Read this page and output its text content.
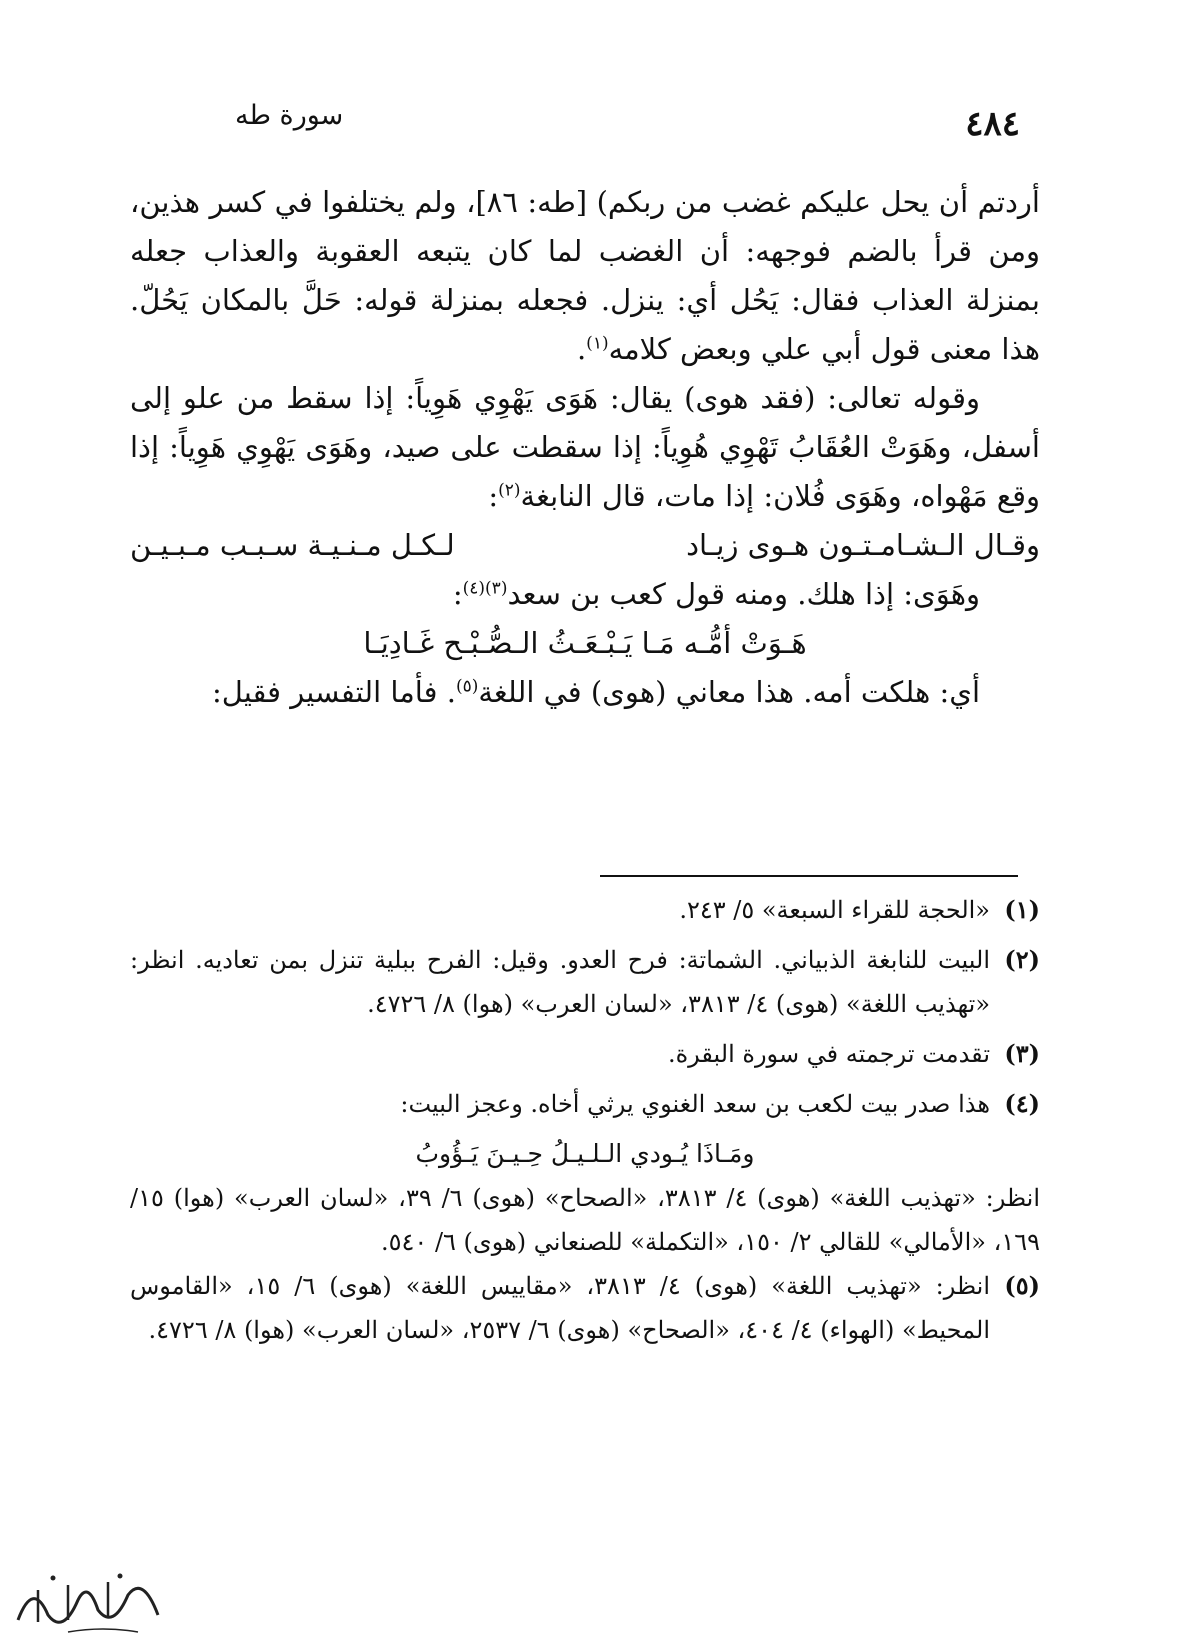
٤٨٤
سورة طه

أردتم أن يحل عليكم غضب من ربكم) [طه: ٨٦]، ولم يختلفوا في كسر هذين، ومن قرأ بالضم فوجهه: أن الغضب لما كان يتبعه العقوبة والعذاب جعله بمنزلة العذاب فقال: يَحُل أي: ينزل. فجعله بمنزلة قوله: حَلَّ بالمكان يَحُلّ. هذا معنى قول أبي علي وبعض كلامه$^{(١)}$.

وقوله تعالى: (فقد هوى) يقال: هَوَى يَهْوِي هَوِياً: إذا سقط من علو إلى أسفل، وهَوَتْ العُقَابُ تَهْوِي هُوِياً: إذا سقطت على صيد، وهَوَى يَهْوِي هَوِياً: إذا وقع مَهْواه، وهَوَى فُلان: إذا مات، قال النابغة$^{(٢)}$:

وقـال الـشـامـتـون هـوى زيـاد
لـكـل مـنـيـة سـبـب مـبـيـن

وهَوَى: إذا هلك. ومنه قول كعب بن سعد$^{(٣)(٤)}$:

هَـوَتْ أمُّـه مَـا يَـبْـعَـثُ الـصُّـبْـح غَـادِيَـا

أي: هلكت أمه. هذا معاني (هوى) في اللغة$^{(٥)}$. فأما التفسير فقيل:

(١)
«الحجة للقراء السبعة» ٥/ ٢٤٣.
(٢)
البيت للنابغة الذبياني. الشماتة: فرح العدو. وقيل: الفرح ببلية تنزل بمن تعاديه. انظر: «تهذيب اللغة» (هوى) ٤/ ٣٨١٣، «لسان العرب» (هوا) ٨/ ٤٧٢٦.
(٣)
تقدمت ترجمته في سورة البقرة.
(٤)
هذا صدر بيت لكعب بن سعد الغنوي يرثي أخاه. وعجز البيت:
ومَـاذَا يُـودي الـلـيـلُ حِـيـنَ يَـؤُوبُ
انظر: «تهذيب اللغة» (هوى) ٤/ ٣٨١٣، «الصحاح» (هوى) ٦/ ٣٩، «لسان العرب» (هوا) ١٥/ ١٦٩، «الأمالي» للقالي ٢/ ١٥٠، «التكملة» للصنعاني (هوى) ٦/ ٥٤٠.
(٥)
انظر: «تهذيب اللغة» (هوى) ٤/ ٣٨١٣، «مقاييس اللغة» (هوى) ٦/ ١٥، «القاموس المحيط» (الهواء) ٤/ ٤٠٤، «الصحاح» (هوى) ٦/ ٢٥٣٧، «لسان العرب» (هوا) ٨/ ٤٧٢٦.
